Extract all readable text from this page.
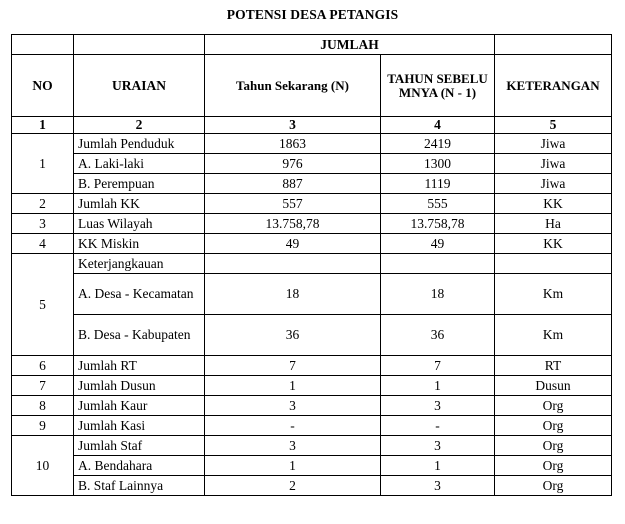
POTENSI DESA PETANGIS
		JUMLAH		
NO	URAIAN	Tahun Sekarang (N)	TAHUN SEBELUMNYA (N - 1)	KETERANGAN
1	2	3	4	5
1	Jumlah Penduduk	1863	2419	Jiwa
	A. Laki-laki	976	1300	Jiwa
	B. Perempuan	887	1119	Jiwa
2	Jumlah KK	557	555	KK
3	Luas Wilayah	13.758,78	13.758,78	Ha
4	KK Miskin	49	49	KK
5	Keterjangkauan			
	A. Desa - Kecamatan	18	18	Km
	B. Desa - Kabupaten	36	36	Km
6	Jumlah RT	7	7	RT
7	Jumlah Dusun	1	1	Dusun
8	Jumlah Kaur	3	3	Org
9	Jumlah Kasi	-	-	Org
10	Jumlah Staf	3	3	Org
	A. Bendahara	1	1	Org
	B. Staf Lainnya	2	3	Org
